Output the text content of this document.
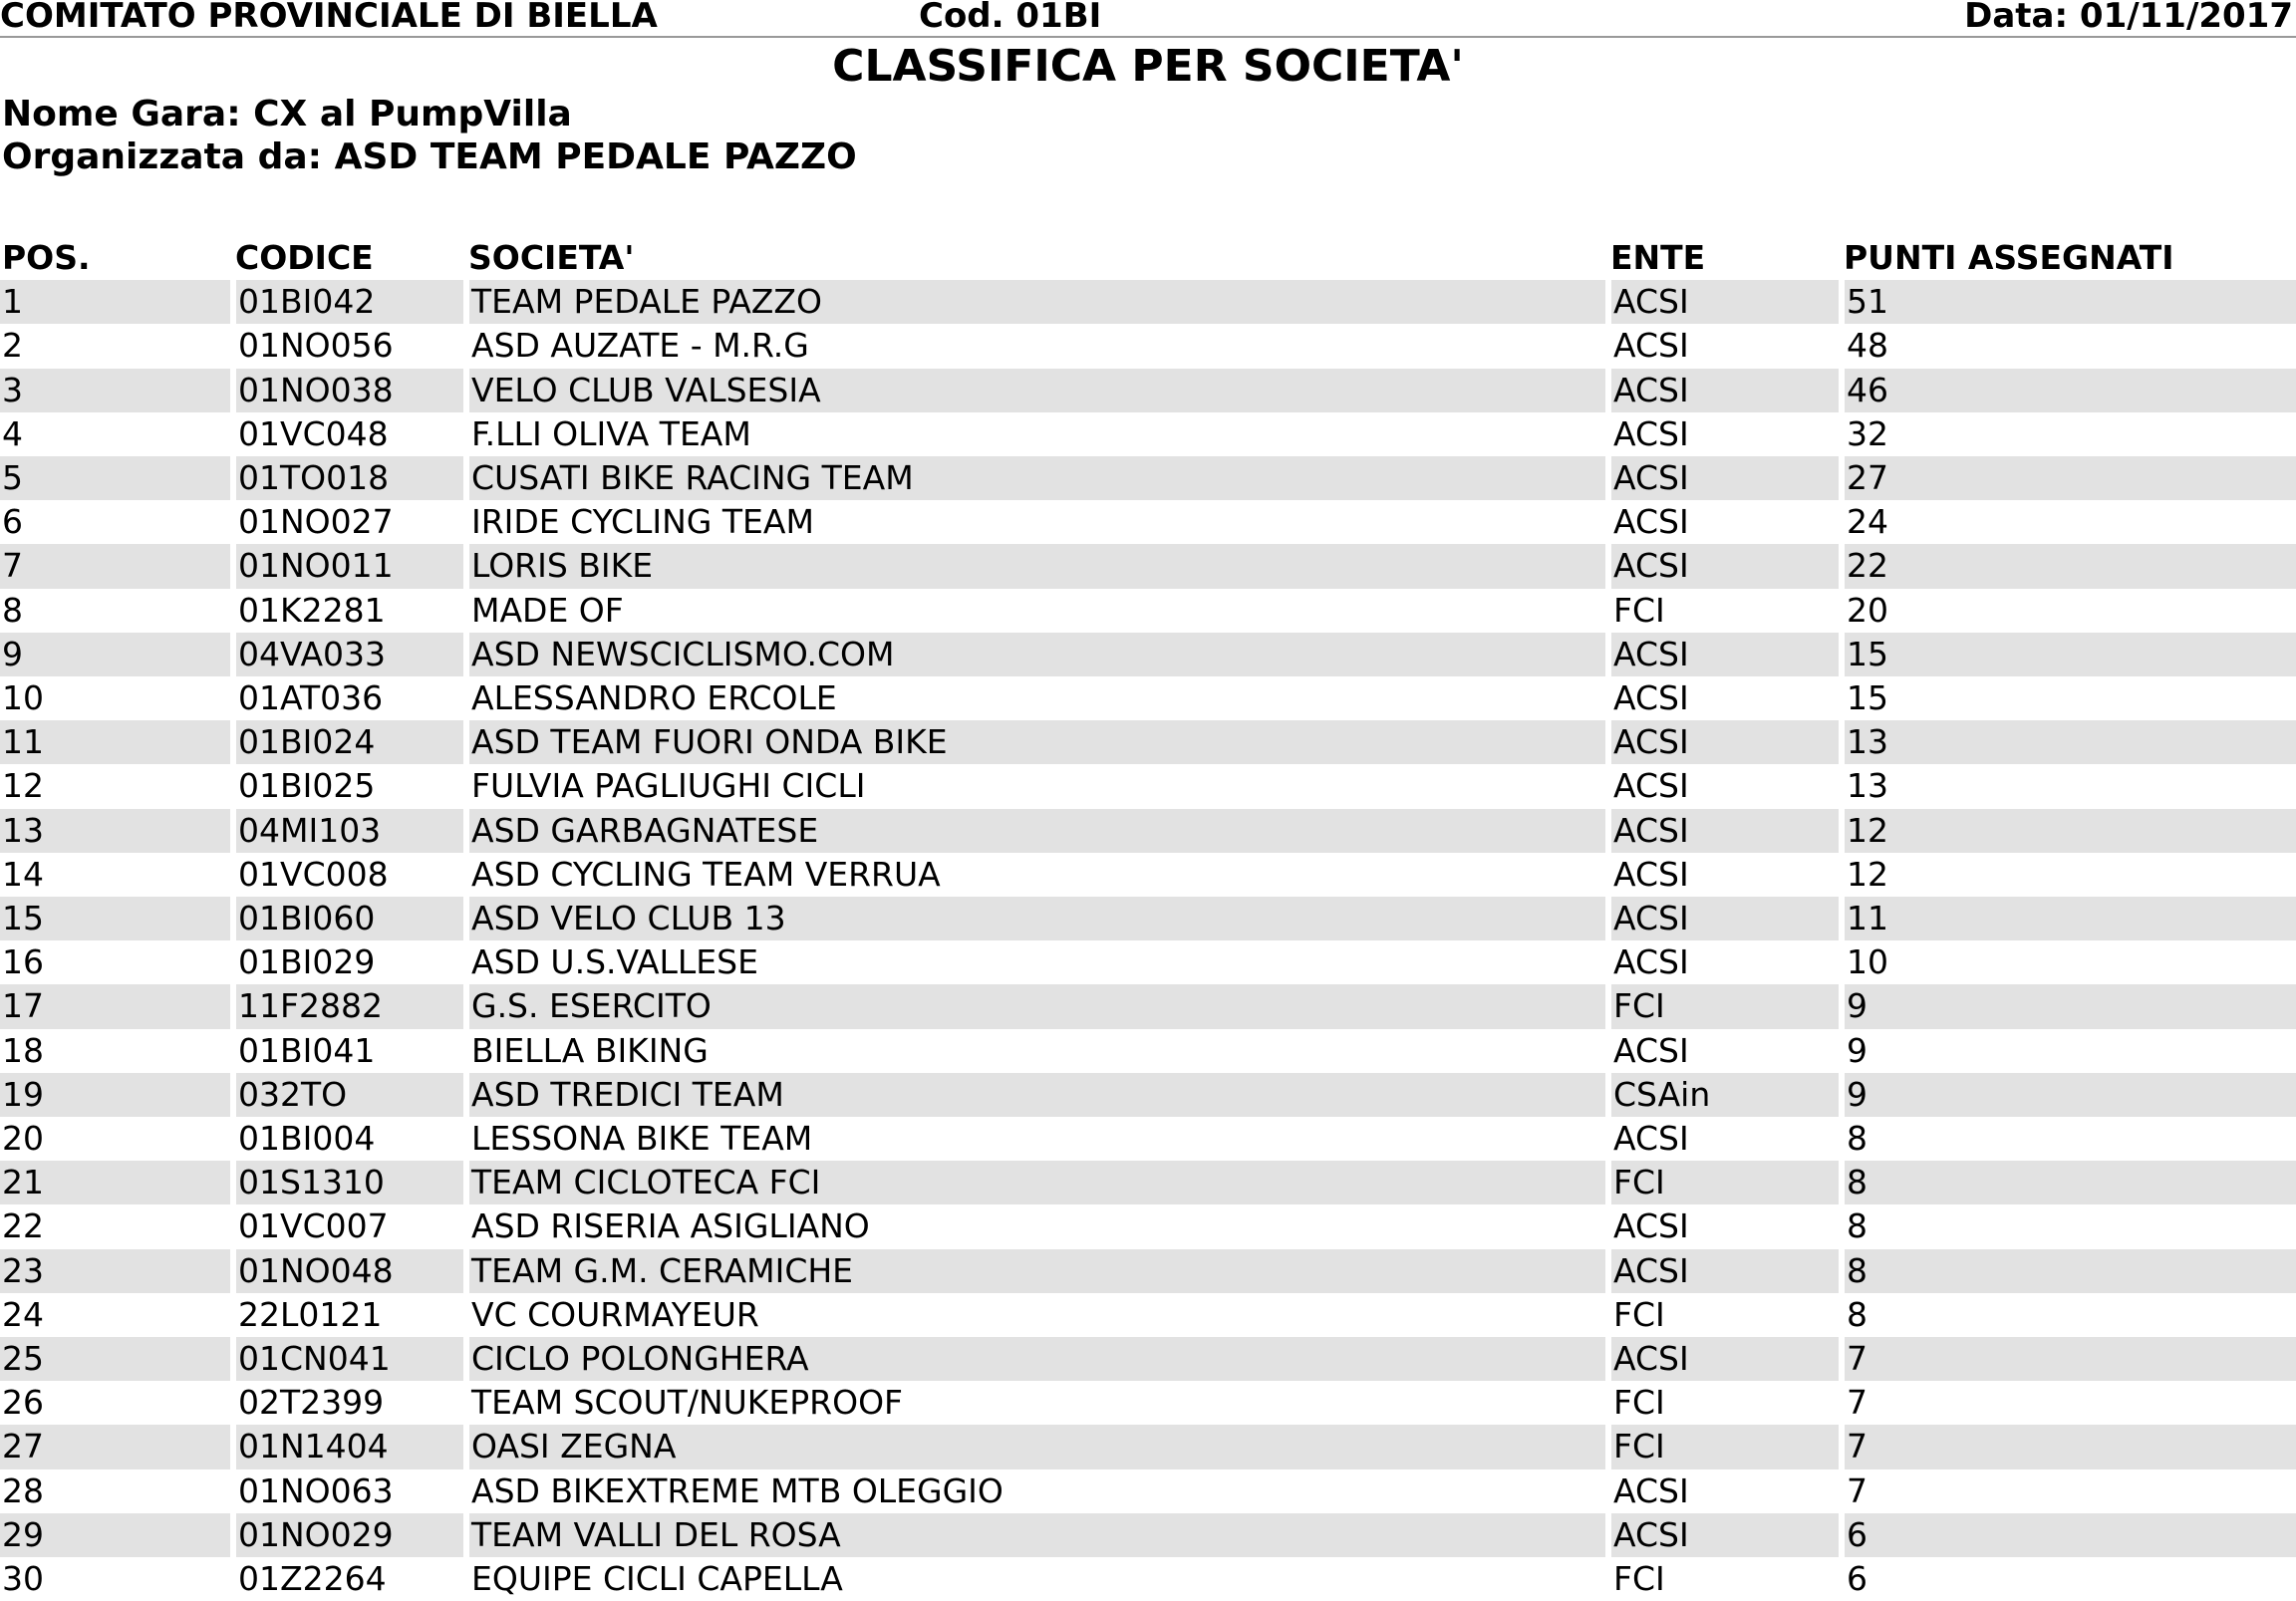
COMITATO PROVINCIALE DI BIELLA	Cod. 01BI	Data: 01/11/2017
CLASSIFICA PER SOCIETA'
Nome Gara: CX al PumpVilla
Organizzata da: ASD TEAM PEDALE PAZZO
POS.	CODICE	SOCIETA'	ENTE	PUNTI ASSEGNATI
1	01BI042	TEAM PEDALE PAZZO	ACSI	51
2	01NO056	ASD AUZATE - M.R.G	ACSI	48
3	01NO038	VELO CLUB VALSESIA	ACSI	46
4	01VC048	F.LLI OLIVA TEAM	ACSI	32
5	01TO018	CUSATI BIKE RACING TEAM	ACSI	27
6	01NO027	IRIDE CYCLING TEAM	ACSI	24
7	01NO011	LORIS BIKE	ACSI	22
8	01K2281	MADE OF	FCI	20
9	04VA033	ASD NEWSCICLISMO.COM	ACSI	15
10	01AT036	ALESSANDRO ERCOLE	ACSI	15
11	01BI024	ASD TEAM FUORI ONDA BIKE	ACSI	13
12	01BI025	FULVIA PAGLIUGHI CICLI	ACSI	13
13	04MI103	ASD GARBAGNATESE	ACSI	12
14	01VC008	ASD CYCLING TEAM VERRUA	ACSI	12
15	01BI060	ASD VELO CLUB 13	ACSI	11
16	01BI029	ASD U.S.VALLESE	ACSI	10
17	11F2882	G.S. ESERCITO	FCI	9
18	01BI041	BIELLA BIKING	ACSI	9
19	032TO	ASD TREDICI TEAM	CSAin	9
20	01BI004	LESSONA BIKE TEAM	ACSI	8
21	01S1310	TEAM CICLOTECA FCI	FCI	8
22	01VC007	ASD RISERIA ASIGLIANO	ACSI	8
23	01NO048	TEAM G.M. CERAMICHE	ACSI	8
24	22L0121	VC COURMAYEUR	FCI	8
25	01CN041	CICLO POLONGHERA	ACSI	7
26	02T2399	TEAM SCOUT/NUKEPROOF	FCI	7
27	01N1404	OASI ZEGNA	FCI	7
28	01NO063	ASD BIKEXTREME MTB OLEGGIO	ACSI	7
29	01NO029	TEAM VALLI DEL ROSA	ACSI	6
30	01Z2264	EQUIPE CICLI CAPELLA	FCI	6
